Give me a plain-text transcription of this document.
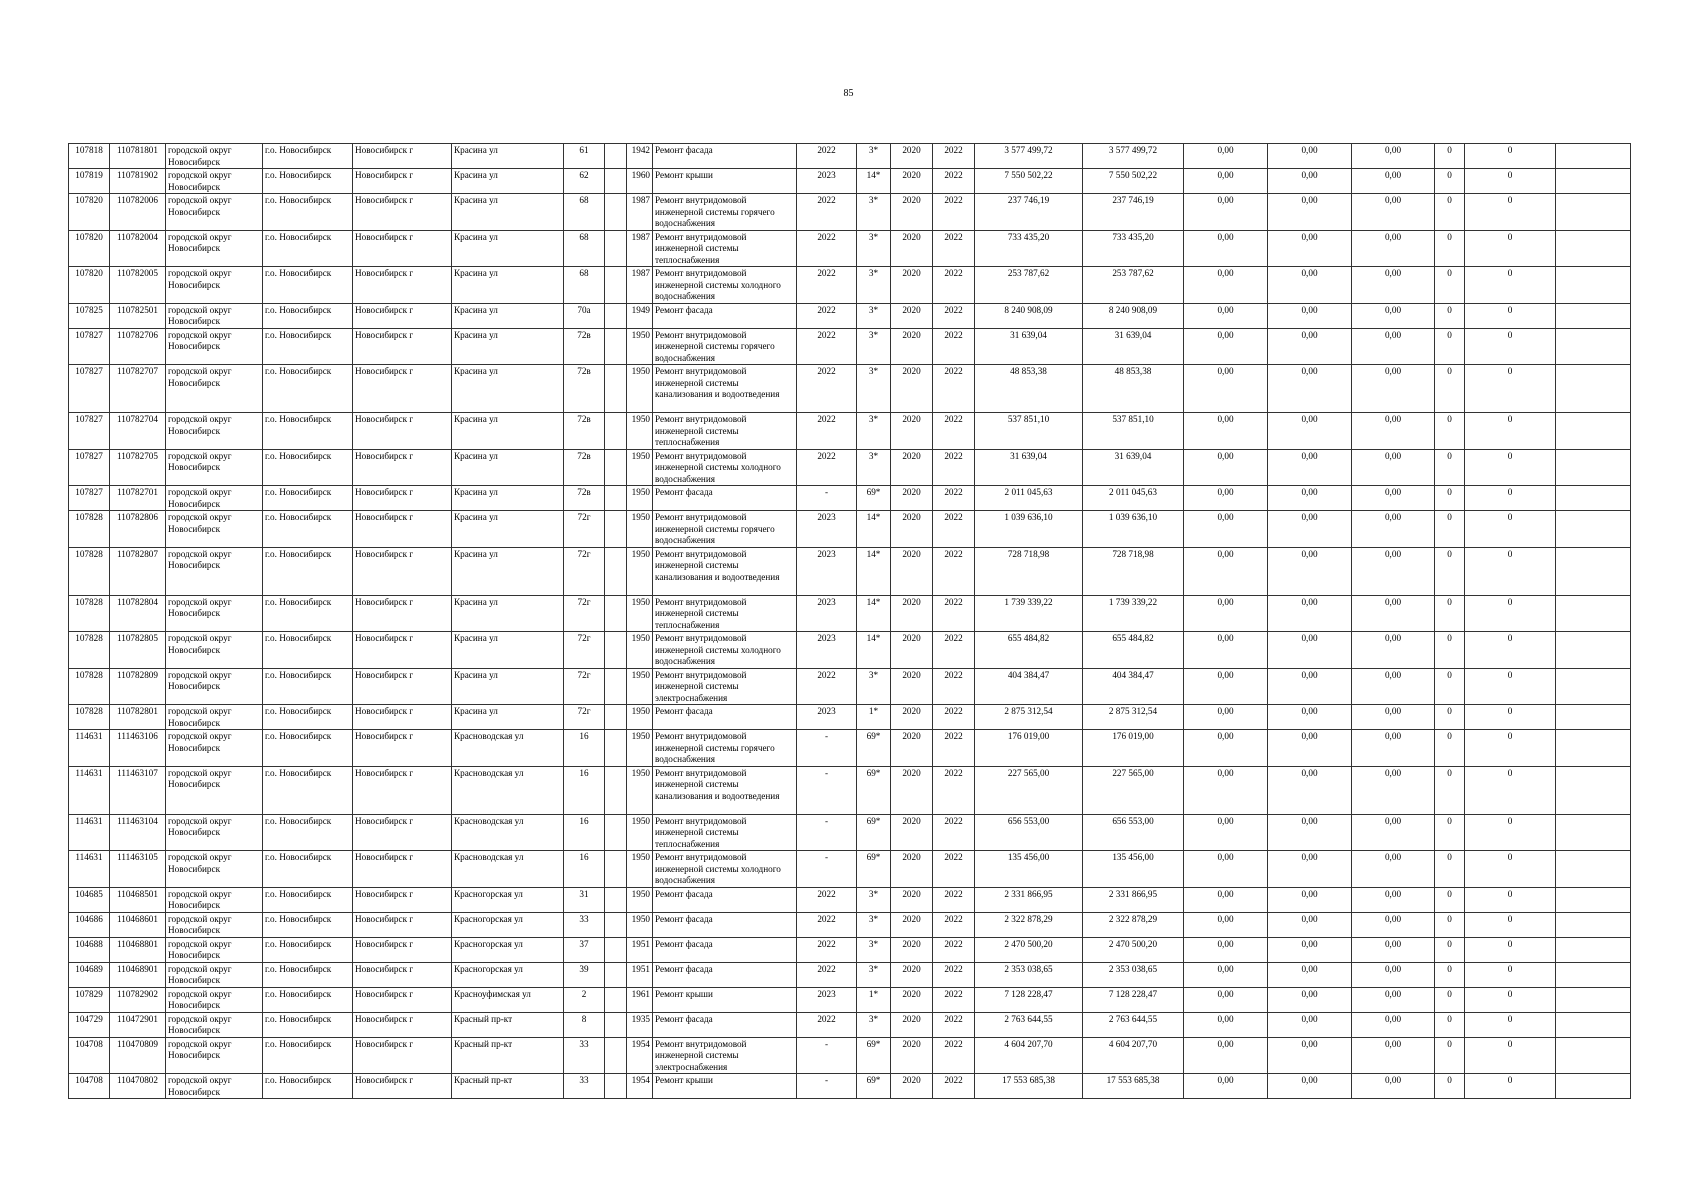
85
107818	110781801	городской округ Новосибирск	г.о. Новосибирск	Новосибирск г	Красина ул	61		1942	Ремонт фасада	2022	3*	2020	2022	3 577 499,72	3 577 499,72	0,00	0,00	0,00	0	0	
107819	110781902	городской округ Новосибирск	г.о. Новосибирск	Новосибирск г	Красина ул	62		1960	Ремонт крыши	2023	14*	2020	2022	7 550 502,22	7 550 502,22	0,00	0,00	0,00	0	0	
107820	110782006	городской округ Новосибирск	г.о. Новосибирск	Новосибирск г	Красина ул	68		1987	Ремонт внутридомовой инженерной системы горячего водоснабжения	2022	3*	2020	2022	237 746,19	237 746,19	0,00	0,00	0,00	0	0	
107820	110782004	городской округ Новосибирск	г.о. Новосибирск	Новосибирск г	Красина ул	68		1987	Ремонт внутридомовой инженерной системы теплоснабжения	2022	3*	2020	2022	733 435,20	733 435,20	0,00	0,00	0,00	0	0	
107820	110782005	городской округ Новосибирск	г.о. Новосибирск	Новосибирск г	Красина ул	68		1987	Ремонт внутридомовой инженерной системы холодного водоснабжения	2022	3*	2020	2022	253 787,62	253 787,62	0,00	0,00	0,00	0	0	
107825	110782501	городской округ Новосибирск	г.о. Новосибирск	Новосибирск г	Красина ул	70а		1949	Ремонт фасада	2022	3*	2020	2022	8 240 908,09	8 240 908,09	0,00	0,00	0,00	0	0	
107827	110782706	городской округ Новосибирск	г.о. Новосибирск	Новосибирск г	Красина ул	72в		1950	Ремонт внутридомовой инженерной системы горячего водоснабжения	2022	3*	2020	2022	31 639,04	31 639,04	0,00	0,00	0,00	0	0	
107827	110782707	городской округ Новосибирск	г.о. Новосибирск	Новосибирск г	Красина ул	72в		1950	Ремонт внутридомовой инженерной системы канализования и водоотведения	2022	3*	2020	2022	48 853,38	48 853,38	0,00	0,00	0,00	0	0	
107827	110782704	городской округ Новосибирск	г.о. Новосибирск	Новосибирск г	Красина ул	72в		1950	Ремонт внутридомовой инженерной системы теплоснабжения	2022	3*	2020	2022	537 851,10	537 851,10	0,00	0,00	0,00	0	0	
107827	110782705	городской округ Новосибирск	г.о. Новосибирск	Новосибирск г	Красина ул	72в		1950	Ремонт внутридомовой инженерной системы холодного водоснабжения	2022	3*	2020	2022	31 639,04	31 639,04	0,00	0,00	0,00	0	0	
107827	110782701	городской округ Новосибирск	г.о. Новосибирск	Новосибирск г	Красина ул	72в		1950	Ремонт фасада	-	69*	2020	2022	2 011 045,63	2 011 045,63	0,00	0,00	0,00	0	0	
107828	110782806	городской округ Новосибирск	г.о. Новосибирск	Новосибирск г	Красина ул	72г		1950	Ремонт внутридомовой инженерной системы горячего водоснабжения	2023	14*	2020	2022	1 039 636,10	1 039 636,10	0,00	0,00	0,00	0	0	
107828	110782807	городской округ Новосибирск	г.о. Новосибирск	Новосибирск г	Красина ул	72г		1950	Ремонт внутридомовой инженерной системы канализования и водоотведения	2023	14*	2020	2022	728 718,98	728 718,98	0,00	0,00	0,00	0	0	
107828	110782804	городской округ Новосибирск	г.о. Новосибирск	Новосибирск г	Красина ул	72г		1950	Ремонт внутридомовой инженерной системы теплоснабжения	2023	14*	2020	2022	1 739 339,22	1 739 339,22	0,00	0,00	0,00	0	0	
107828	110782805	городской округ Новосибирск	г.о. Новосибирск	Новосибирск г	Красина ул	72г		1950	Ремонт внутридомовой инженерной системы холодного водоснабжения	2023	14*	2020	2022	655 484,82	655 484,82	0,00	0,00	0,00	0	0	
107828	110782809	городской округ Новосибирск	г.о. Новосибирск	Новосибирск г	Красина ул	72г		1950	Ремонт внутридомовой инженерной системы электроснабжения	2022	3*	2020	2022	404 384,47	404 384,47	0,00	0,00	0,00	0	0	
107828	110782801	городской округ Новосибирск	г.о. Новосибирск	Новосибирск г	Красина ул	72г		1950	Ремонт фасада	2023	1*	2020	2022	2 875 312,54	2 875 312,54	0,00	0,00	0,00	0	0	
114631	111463106	городской округ Новосибирск	г.о. Новосибирск	Новосибирск г	Красноводская ул	16		1950	Ремонт внутридомовой инженерной системы горячего водоснабжения	-	69*	2020	2022	176 019,00	176 019,00	0,00	0,00	0,00	0	0	
114631	111463107	городской округ Новосибирск	г.о. Новосибирск	Новосибирск г	Красноводская ул	16		1950	Ремонт внутридомовой инженерной системы канализования и водоотведения	-	69*	2020	2022	227 565,00	227 565,00	0,00	0,00	0,00	0	0	
114631	111463104	городской округ Новосибирск	г.о. Новосибирск	Новосибирск г	Красноводская ул	16		1950	Ремонт внутридомовой инженерной системы теплоснабжения	-	69*	2020	2022	656 553,00	656 553,00	0,00	0,00	0,00	0	0	
114631	111463105	городской округ Новосибирск	г.о. Новосибирск	Новосибирск г	Красноводская ул	16		1950	Ремонт внутридомовой инженерной системы холодного водоснабжения	-	69*	2020	2022	135 456,00	135 456,00	0,00	0,00	0,00	0	0	
104685	110468501	городской округ Новосибирск	г.о. Новосибирск	Новосибирск г	Красногорская ул	31		1950	Ремонт фасада	2022	3*	2020	2022	2 331 866,95	2 331 866,95	0,00	0,00	0,00	0	0	
104686	110468601	городской округ Новосибирск	г.о. Новосибирск	Новосибирск г	Красногорская ул	33		1950	Ремонт фасада	2022	3*	2020	2022	2 322 878,29	2 322 878,29	0,00	0,00	0,00	0	0	
104688	110468801	городской округ Новосибирск	г.о. Новосибирск	Новосибирск г	Красногорская ул	37		1951	Ремонт фасада	2022	3*	2020	2022	2 470 500,20	2 470 500,20	0,00	0,00	0,00	0	0	
104689	110468901	городской округ Новосибирск	г.о. Новосибирск	Новосибирск г	Красногорская ул	39		1951	Ремонт фасада	2022	3*	2020	2022	2 353 038,65	2 353 038,65	0,00	0,00	0,00	0	0	
107829	110782902	городской округ Новосибирск	г.о. Новосибирск	Новосибирск г	Красноуфимская ул	2		1961	Ремонт крыши	2023	1*	2020	2022	7 128 228,47	7 128 228,47	0,00	0,00	0,00	0	0	
104729	110472901	городской округ Новосибирск	г.о. Новосибирск	Новосибирск г	Красный пр-кт	8		1935	Ремонт фасада	2022	3*	2020	2022	2 763 644,55	2 763 644,55	0,00	0,00	0,00	0	0	
104708	110470809	городской округ Новосибирск	г.о. Новосибирск	Новосибирск г	Красный пр-кт	33		1954	Ремонт внутридомовой инженерной системы электроснабжения	-	69*	2020	2022	4 604 207,70	4 604 207,70	0,00	0,00	0,00	0	0	
104708	110470802	городской округ Новосибирск	г.о. Новосибирск	Новосибирск г	Красный пр-кт	33		1954	Ремонт крыши	-	69*	2020	2022	17 553 685,38	17 553 685,38	0,00	0,00	0,00	0	0	
